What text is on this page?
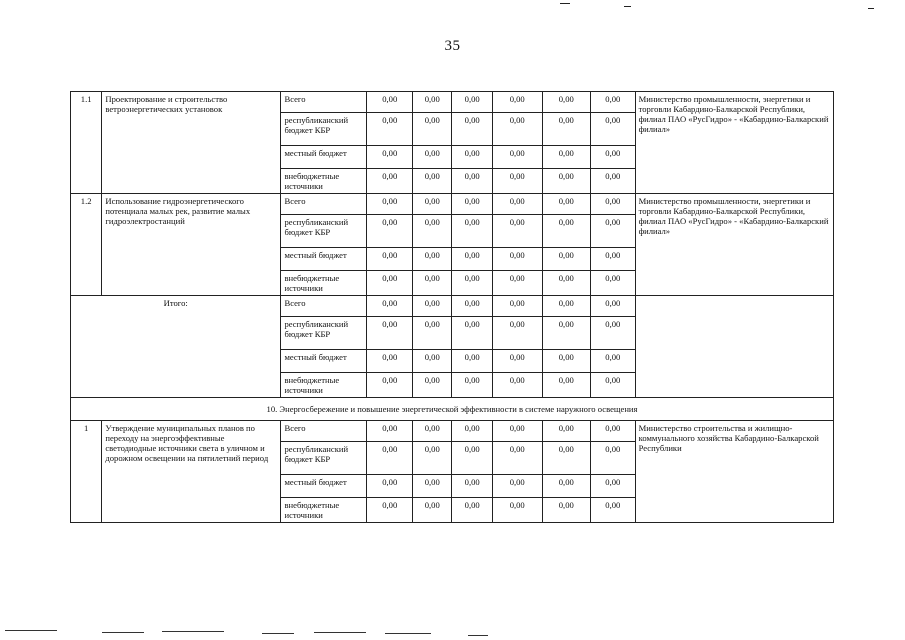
35
1.1	Проектирование и строительство ветроэнергетических установок	Всего	0,00	0,00	0,00	0,00	0,00	0,00	Министерство промышленности, энергетики и торговли Кабардино-Балкарской Республики, филиал ПАО «РусГидро» - «Кабардино-Балкарский филиал»
		республиканский бюджет КБР	0,00	0,00	0,00	0,00	0,00	0,00	
		местный бюджет	0,00	0,00	0,00	0,00	0,00	0,00	
		внебюджетные источники	0,00	0,00	0,00	0,00	0,00	0,00	
1.2	Использование гидроэнергетического потенциала малых рек, развитие малых гидроэлектростанций	Всего	0,00	0,00	0,00	0,00	0,00	0,00	Министерство промышленности, энергетики и торговли Кабардино-Балкарской Республики, филиал ПАО «РусГидро» - «Кабардино-Балкарский филиал»
		республиканский бюджет КБР	0,00	0,00	0,00	0,00	0,00	0,00	
		местный бюджет	0,00	0,00	0,00	0,00	0,00	0,00	
		внебюджетные источники	0,00	0,00	0,00	0,00	0,00	0,00	
Итого:		Всего	0,00	0,00	0,00	0,00	0,00	0,00	
		республиканский бюджет КБР	0,00	0,00	0,00	0,00	0,00	0,00	
		местный бюджет	0,00	0,00	0,00	0,00	0,00	0,00	
		внебюджетные источники	0,00	0,00	0,00	0,00	0,00	0,00	
10. Энергосбережение и повышение энергетической эффективности в системе наружного освещения									
1	Утверждение муниципальных планов по переходу на энергоэффективные светодиодные источники света в уличном и дорожном освещении на пятилетний период	Всего	0,00	0,00	0,00	0,00	0,00	0,00	Министерство строительства и жилищно-коммунального хозяйства Кабардино-Балкарской Республики
		республиканский бюджет КБР	0,00	0,00	0,00	0,00	0,00	0,00	
		местный бюджет	0,00	0,00	0,00	0,00	0,00	0,00	
		внебюджетные источники	0,00	0,00	0,00	0,00	0,00	0,00	
